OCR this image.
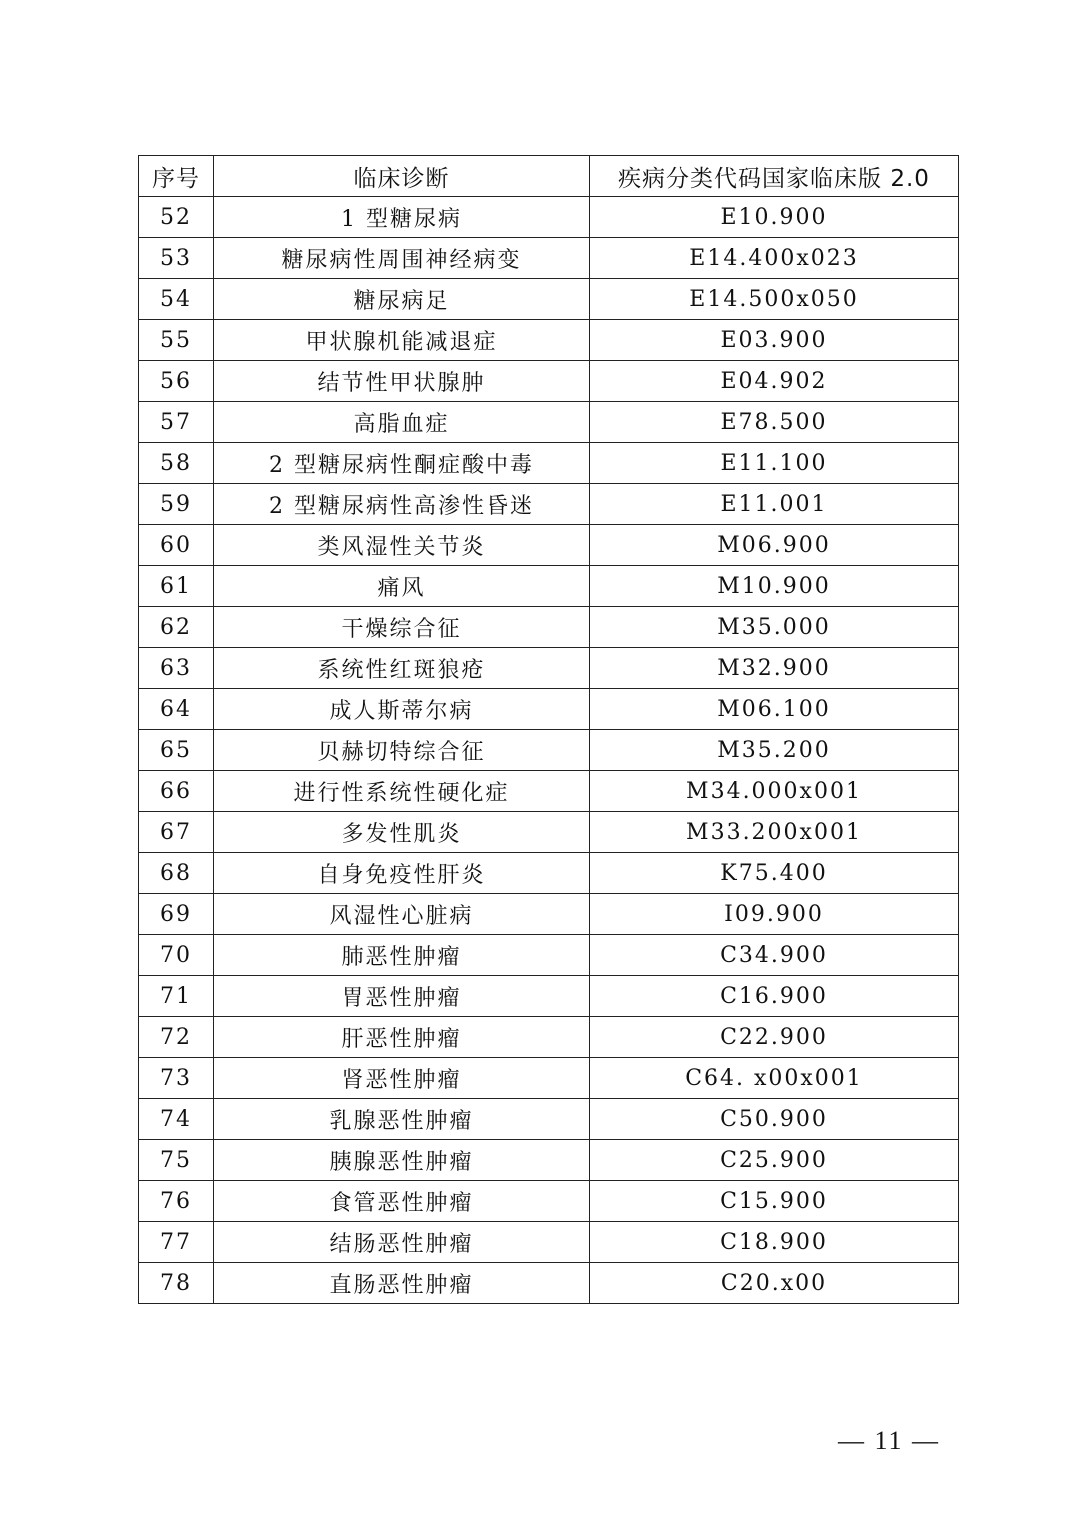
序号	临床诊断	疾病分类代码国家临床版 2.0
52	1 型糖尿病	E10.900
53	糖尿病性周围神经病变	E14.400x023
54	糖尿病足	E14.500x050
55	甲状腺机能减退症	E03.900
56	结节性甲状腺肿	E04.902
57	高脂血症	E78.500
58	2 型糖尿病性酮症酸中毒	E11.100
59	2 型糖尿病性高渗性昏迷	E11.001
60	类风湿性关节炎	M06.900
61	痛风	M10.900
62	干燥综合征	M35.000
63	系统性红斑狼疮	M32.900
64	成人斯蒂尔病	M06.100
65	贝赫切特综合征	M35.200
66	进行性系统性硬化症	M34.000x001
67	多发性肌炎	M33.200x001
68	自身免疫性肝炎	K75.400
69	风湿性心脏病	I09.900
70	肺恶性肿瘤	C34.900
71	胃恶性肿瘤	C16.900
72	肝恶性肿瘤	C22.900
73	肾恶性肿瘤	C64. x00x001
74	乳腺恶性肿瘤	C50.900
75	胰腺恶性肿瘤	C25.900
76	食管恶性肿瘤	C15.900
77	结肠恶性肿瘤	C18.900
78	直肠恶性肿瘤	C20.x00
— 11 —
